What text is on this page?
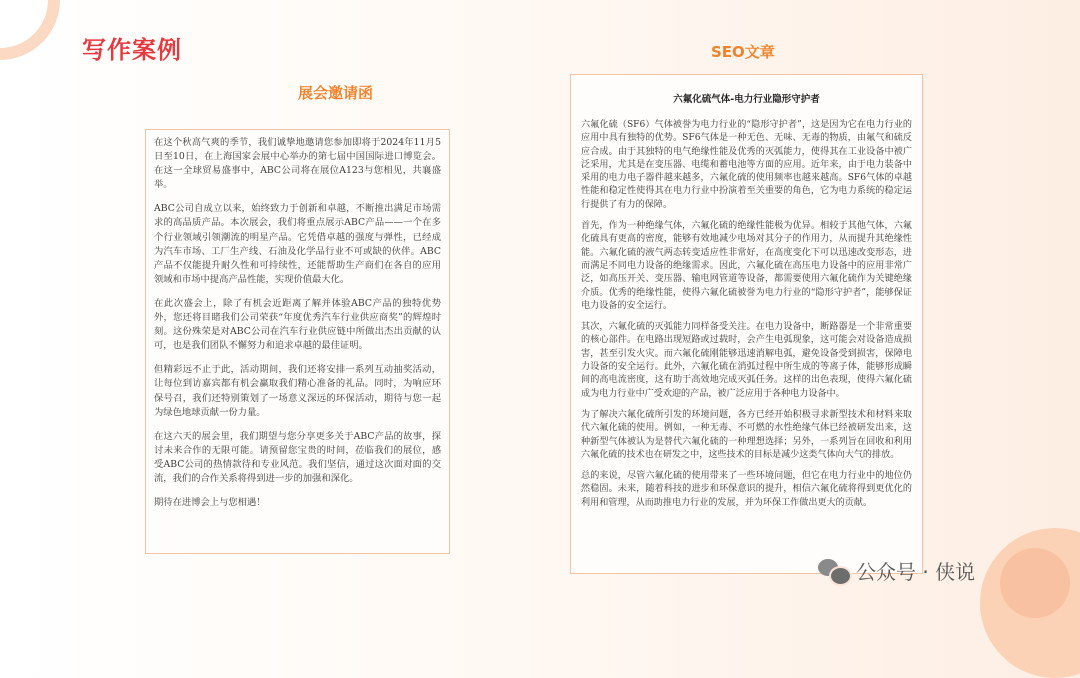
写作案例
展会邀请函
SEO文章

在这个秋高气爽的季节，我们诚挚地邀请您参加即将于2024年11月5日至10日，在上海国家会展中心举办的第七届中国国际进口博览会。在这一全球贸易盛事中，ABC公司将在展位A123与您相见，共襄盛举。

ABC公司自成立以来，始终致力于创新和卓越，不断推出满足市场需求的高品质产品。本次展会，我们将重点展示ABC产品——一个在多个行业领域引领潮流的明星产品。它凭借卓越的强度与弹性，已经成为汽车市场、工厂生产线、石油及化学品行业不可或缺的伙伴。ABC产品不仅能提升耐久性和可持续性，还能帮助生产商们在各自的应用领域和市场中提高产品性能，实现价值最大化。

在此次盛会上，除了有机会近距离了解并体验ABC产品的独特优势外，您还将目睹我们公司荣获“年度优秀汽车行业供应商奖”的辉煌时刻。这份殊荣是对ABC公司在汽车行业供应链中所做出杰出贡献的认可，也是我们团队不懈努力和追求卓越的最佳证明。

但精彩远不止于此，活动期间，我们还将安排一系列互动抽奖活动，让每位到访嘉宾都有机会赢取我们精心准备的礼品。同时，为响应环保号召，我们还特别策划了一场意义深远的环保活动，期待与您一起为绿色地球贡献一份力量。

在这六天的展会里，我们期望与您分享更多关于ABC产品的故事，探讨未来合作的无限可能。请预留您宝贵的时间，莅临我们的展位，感受ABC公司的热情款待和专业风范。我们坚信，通过这次面对面的交流，我们的合作关系将得到进一步的加强和深化。

期待在进博会上与您相遇！

六氟化硫气体-电力行业隐形守护者

六氟化硫（SF6）气体被誉为电力行业的“隐形守护者”，这是因为它在电力行业的应用中具有独特的优势。SF6气体是一种无色、无味、无毒的物质，由氟气和硫反应合成。由于其独特的电气绝缘性能及优秀的灭弧能力，使得其在工业设备中被广泛采用，尤其是在变压器、电缆和蓄电池等方面的应用。近年来，由于电力装备中采用的电力电子器件越来越多，六氟化硫的使用频率也越来越高。SF6气体的卓越性能和稳定性使得其在电力行业中扮演着至关重要的角色，它为电力系统的稳定运行提供了有力的保障。

首先，作为一种绝缘气体，六氟化硫的绝缘性能极为优异。相较于其他气体，六氟化硫具有更高的密度，能够有效地减少电场对其分子的作用力，从而提升其绝缘性能。六氟化硫的液气两态转变适应性非常好，在高度变化下可以迅速改变形态，进而满足不同电力设备的绝缘需求。因此，六氟化硫在高压电力设备中的应用非常广泛，如高压开关、变压器、输电网管道等设备，都需要使用六氟化硫作为关键绝缘介质。优秀的绝缘性能，使得六氟化硫被誉为电力行业的“隐形守护者”，能够保证电力设备的安全运行。

其次，六氟化硫的灭弧能力同样备受关注。在电力设备中，断路器是一个非常重要的核心部件。在电路出现短路或过载时，会产生电弧现象，这可能会对设备造成损害，甚至引发火灾。而六氟化硫刚能够迅速消解电弧，避免设备受到损害，保障电力设备的安全运行。此外，六氟化硫在消弧过程中所生成的等离子体，能够形成瞬间的高电流密度，这有助于高效地完成灭弧任务。这样的出色表现，使得六氟化硫成为电力行业中广受欢迎的产品，被广泛应用于各种电力设备中。

为了解决六氟化硫所引发的环境问题，各方已经开始积极寻求新型技术和材料来取代六氟化硫的使用。例如，一种无毒、不可燃的水性绝缘气体已经被研发出来，这种新型气体被认为是替代六氟化硫的一种理想选择；另外，一系列旨在回收和利用六氟化硫的技术也在研发之中，这些技术的目标是减少这类气体向大气的排放。

总的来说，尽管六氟化硫的使用带来了一些环境问题，但它在电力行业中的地位仍然稳固。未来，随着科技的进步和环保意识的提升，相信六氟化硫将得到更优化的利用和管理，从而助推电力行业的发展，并为环保工作做出更大的贡献。

公众号 · 侠说
